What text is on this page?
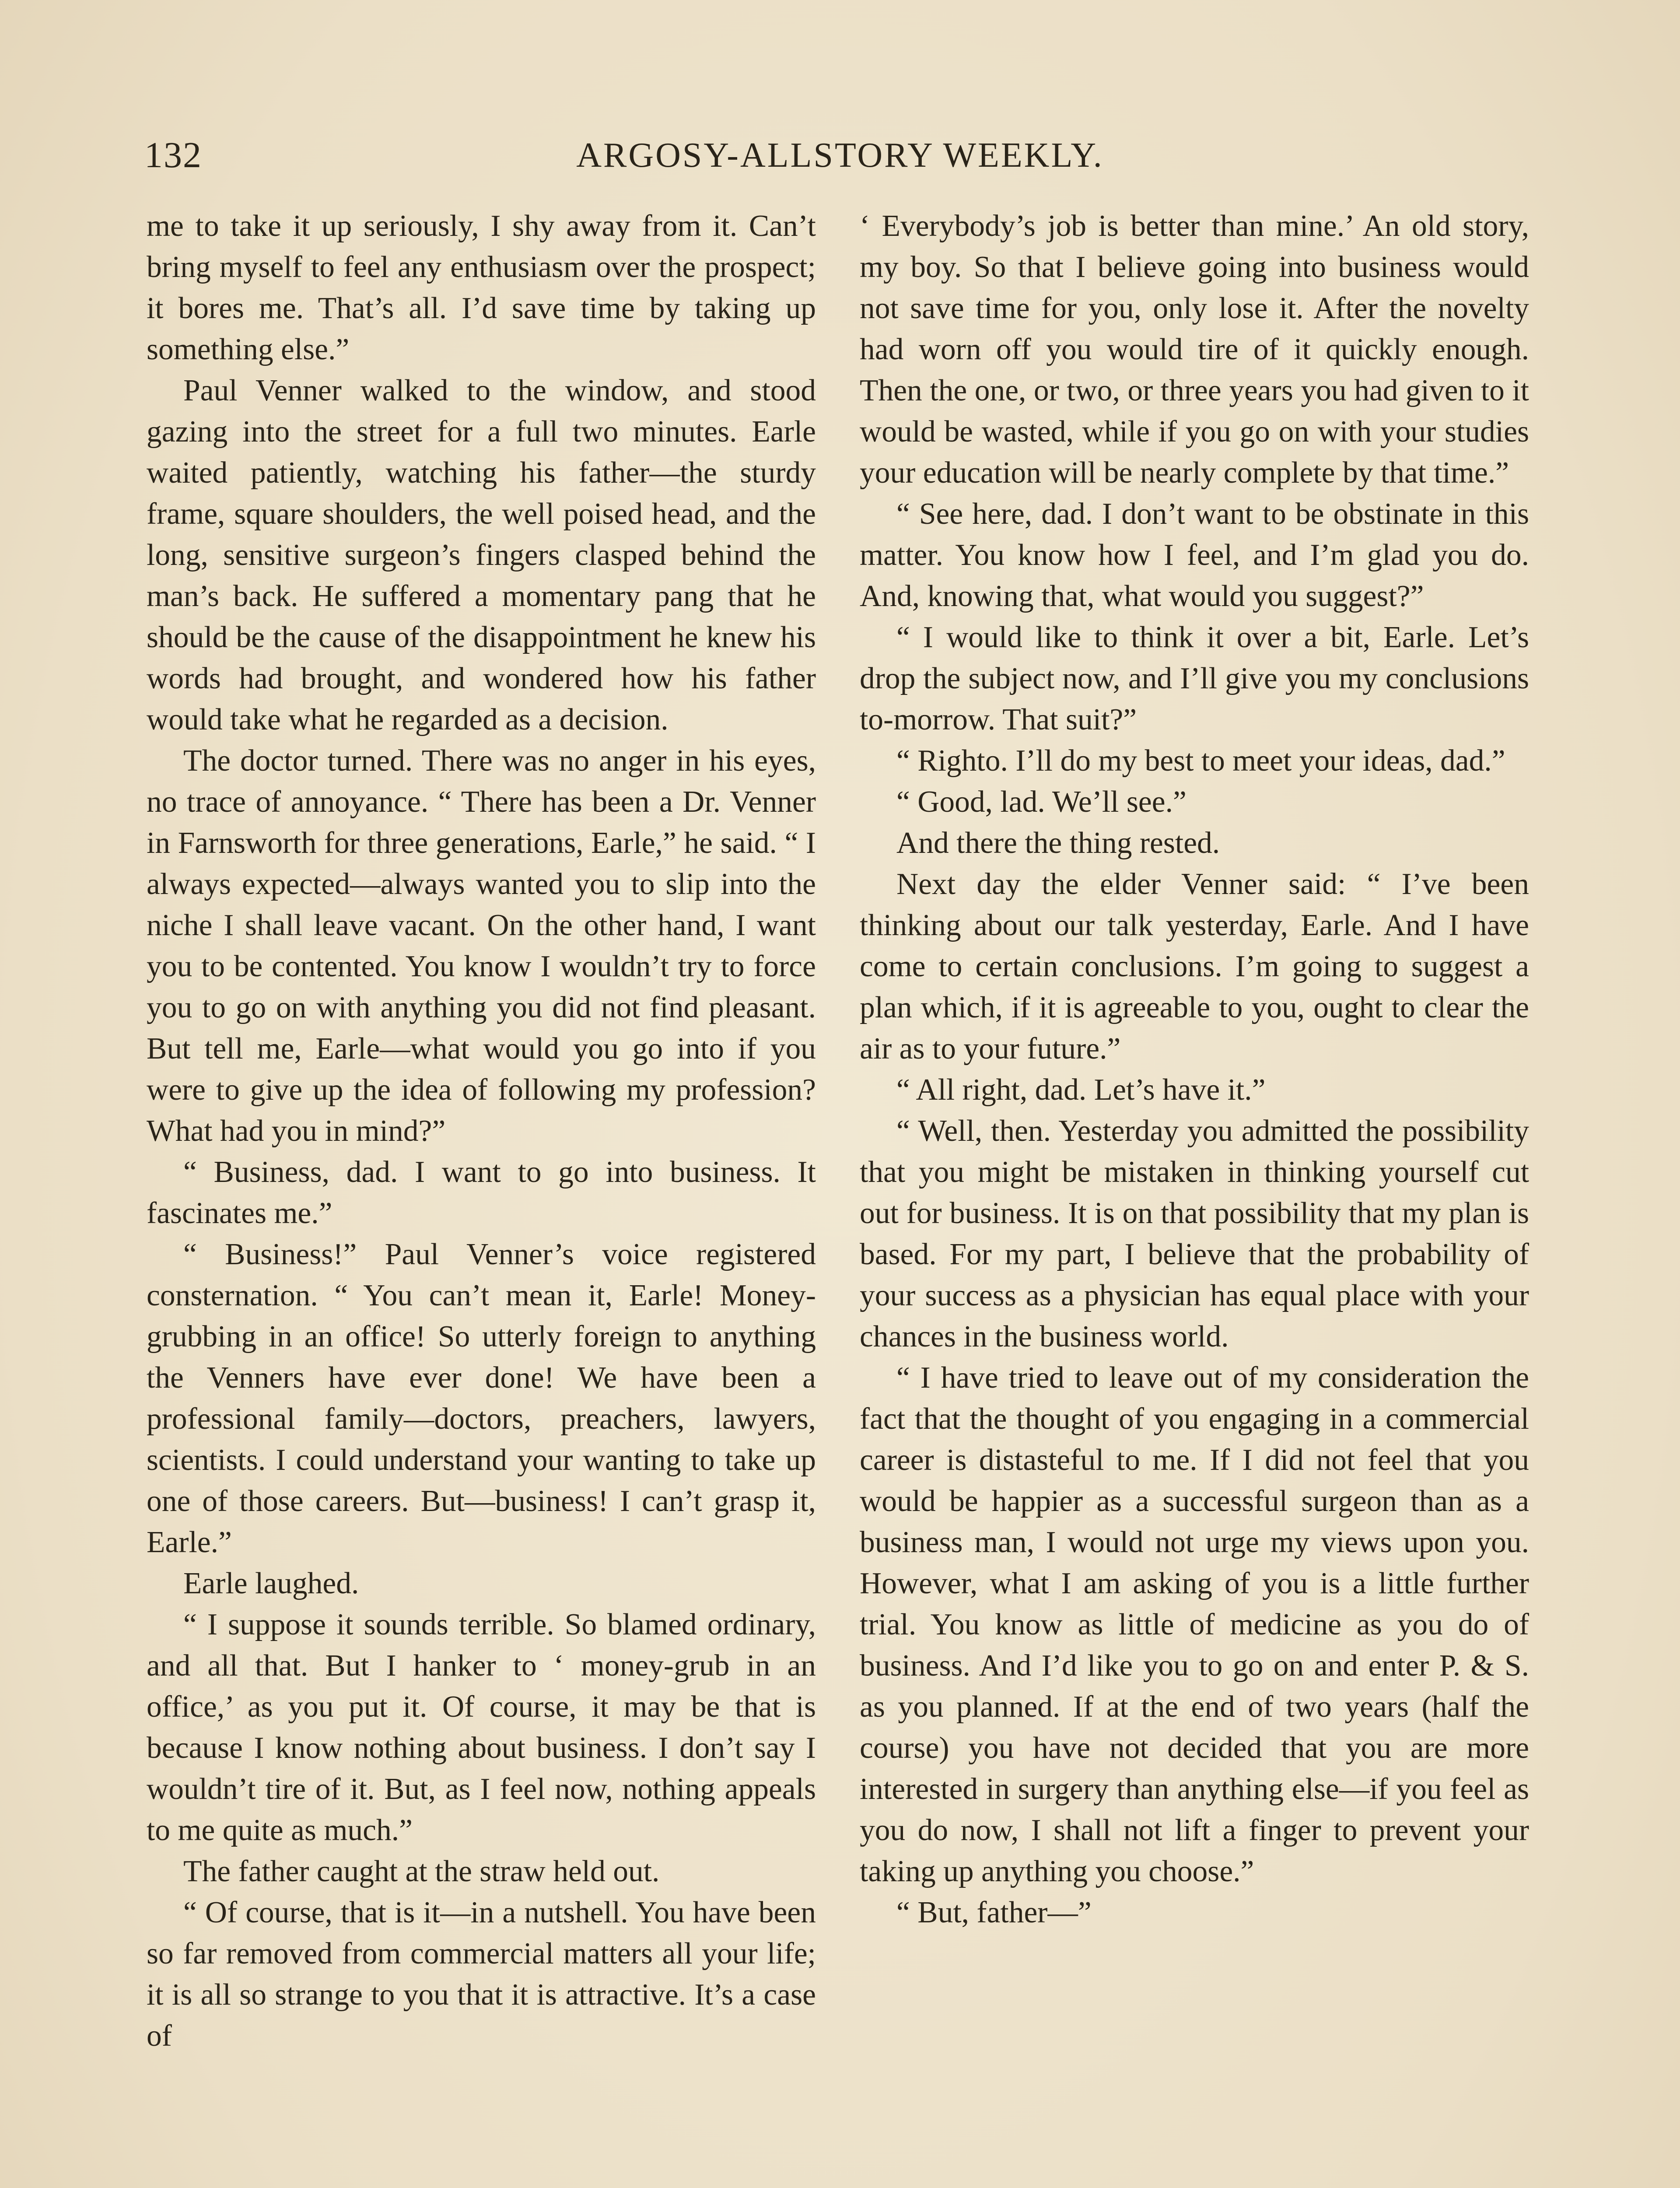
132	ARGOSY-ALLSTORY WEEKLY.

me to take it up seriously, I shy away from it. Can’t bring myself to feel any enthusiasm over the prospect; it bores me. That’s all. I’d save time by taking up something else.”

Paul Venner walked to the window, and stood gazing into the street for a full two minutes. Earle waited patiently, watching his father—the sturdy frame, square shoulders, the well poised head, and the long, sensitive surgeon’s fingers clasped behind the man’s back. He suffered a momentary pang that he should be the cause of the disappointment he knew his words had brought, and wondered how his father would take what he regarded as a decision.

The doctor turned. There was no anger in his eyes, no trace of annoyance. “ There has been a Dr. Venner in Farnsworth for three generations, Earle,” he said. “ I always expected—always wanted you to slip into the niche I shall leave vacant. On the other hand, I want you to be contented. You know I wouldn’t try to force you to go on with anything you did not find pleasant. But tell me, Earle—what would you go into if you were to give up the idea of following my profession? What had you in mind?”

“ Business, dad. I want to go into business. It fascinates me.”

“ Business!” Paul Venner’s voice registered consternation. “ You can’t mean it, Earle! Money-grubbing in an office! So utterly foreign to anything the Venners have ever done! We have been a professional family—doctors, preachers, lawyers, scientists. I could understand your wanting to take up one of those careers. But—business! I can’t grasp it, Earle.”

Earle laughed.

“ I suppose it sounds terrible. So blamed ordinary, and all that. But I hanker to ‘ money-grub in an office,’ as you put it. Of course, it may be that is because I know nothing about business. I don’t say I wouldn’t tire of it. But, as I feel now, nothing appeals to me quite as much.”

The father caught at the straw held out.

“ Of course, that is it—in a nutshell. You have been so far removed from commercial matters all your life; it is all so strange to you that it is attractive. It’s a case of

‘ Everybody’s job is better than mine.’ An old story, my boy. So that I believe going into business would not save time for you, only lose it. After the novelty had worn off you would tire of it quickly enough. Then the one, or two, or three years you had given to it would be wasted, while if you go on with your studies your education will be nearly complete by that time.”

“ See here, dad. I don’t want to be obstinate in this matter. You know how I feel, and I’m glad you do. And, knowing that, what would you suggest?”

“ I would like to think it over a bit, Earle. Let’s drop the subject now, and I’ll give you my conclusions to-morrow. That suit?”

“ Righto. I’ll do my best to meet your ideas, dad.”

“ Good, lad. We’ll see.”

And there the thing rested.

Next day the elder Venner said: “ I’ve been thinking about our talk yesterday, Earle. And I have come to certain conclusions. I’m going to suggest a plan which, if it is agreeable to you, ought to clear the air as to your future.”

“ All right, dad. Let’s have it.”

“ Well, then. Yesterday you admitted the possibility that you might be mistaken in thinking yourself cut out for business. It is on that possibility that my plan is based. For my part, I believe that the probability of your success as a physician has equal place with your chances in the business world.

“ I have tried to leave out of my consideration the fact that the thought of you engaging in a commercial career is distasteful to me. If I did not feel that you would be happier as a successful surgeon than as a business man, I would not urge my views upon you. However, what I am asking of you is a little further trial. You know as little of medicine as you do of business. And I’d like you to go on and enter P. & S. as you planned. If at the end of two years (half the course) you have not decided that you are more interested in surgery than anything else—if you feel as you do now, I shall not lift a finger to prevent your taking up anything you choose.”

“ But, father—”
